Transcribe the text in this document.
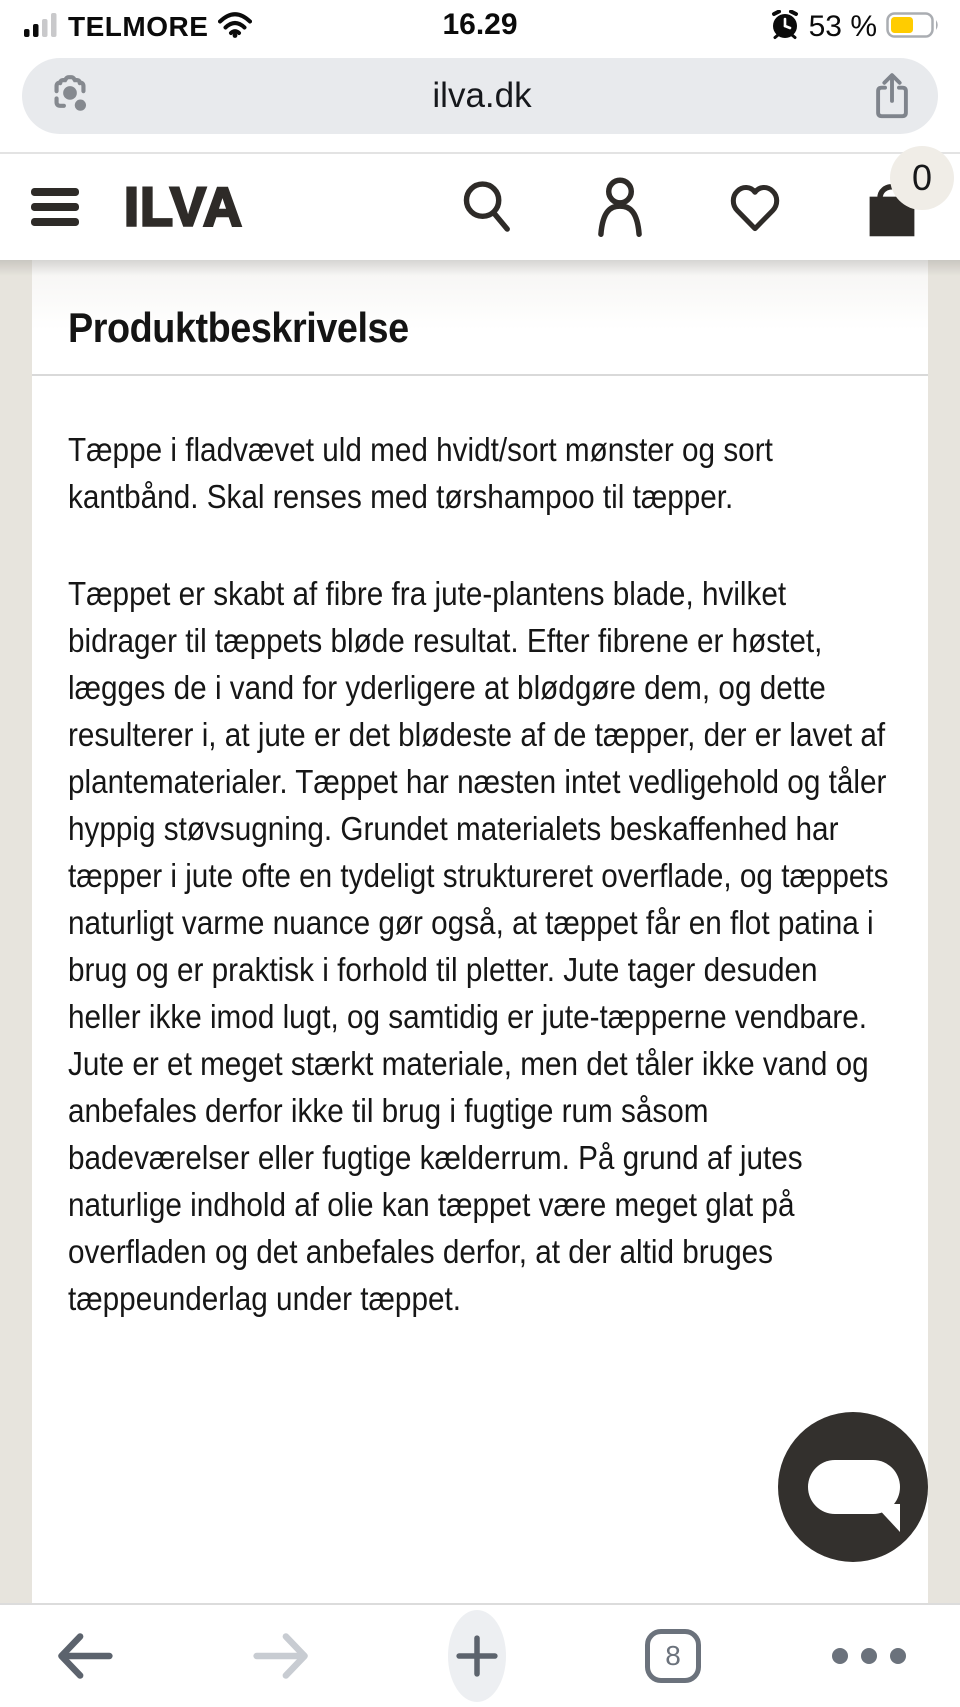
TELMORE	16.29	53 %
ilva.dk
ILVA	0
Produktbeskrivelse

Tæppe i fladvævet uld med hvidt/sort mønster og sort kantbånd. Skal renses med tørshampoo til tæpper.

Tæppet er skabt af fibre fra jute-plantens blade, hvilket bidrager til tæppets bløde resultat. Efter fibrene er høstet, lægges de i vand for yderligere at blødgøre dem, og dette resulterer i, at jute er det blødeste af de tæpper, der er lavet af plantematerialer. Tæppet har næsten intet vedligehold og tåler hyppig støvsugning. Grundet materialets beskaffenhed har tæpper i jute ofte en tydeligt struktureret overflade, og tæppets naturligt varme nuance gør også, at tæppet får en flot patina i brug og er praktisk i forhold til pletter. Jute tager desuden heller ikke imod lugt, og samtidig er jute-tæpperne vendbare. Jute er et meget stærkt materiale, men det tåler ikke vand og anbefales derfor ikke til brug i fugtige rum såsom badeværelser eller fugtige kælderrum. På grund af jutes naturlige indhold af olie kan tæppet være meget glat på overfladen og det anbefales derfor, at der altid bruges tæppeunderlag under tæppet.

8
